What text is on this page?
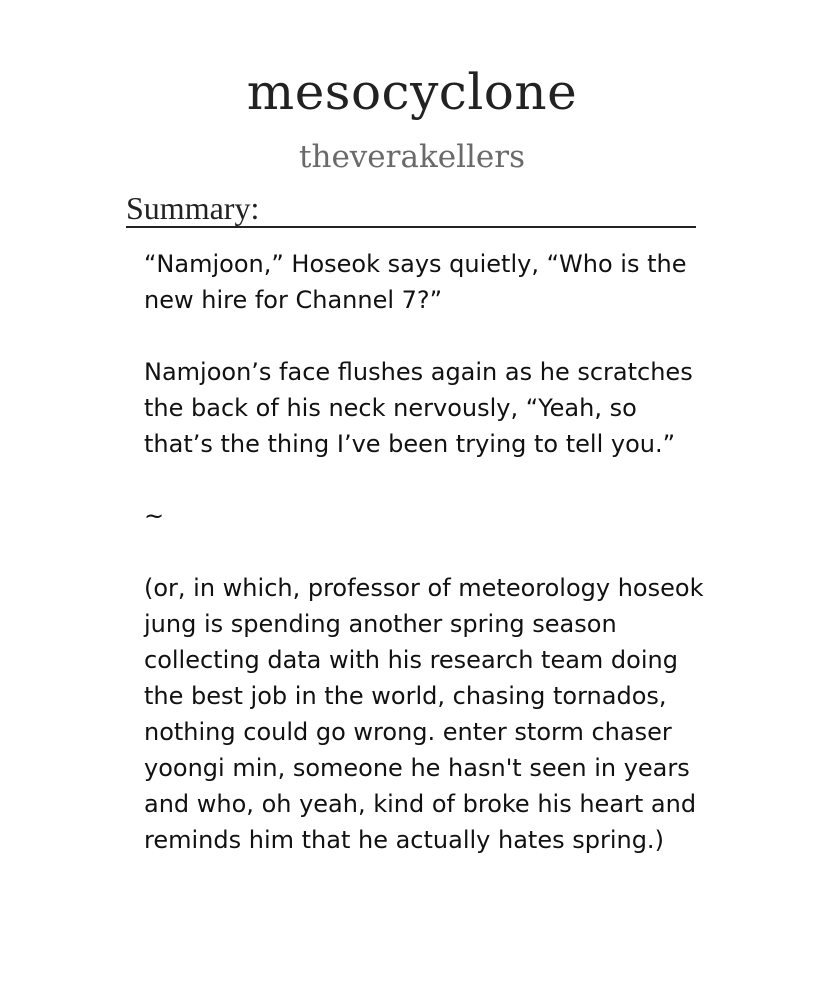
mesocyclone
theverakellers
Summary:

“Namjoon,” Hoseok says quietly, “Who is the new hire for Channel 7?”

Namjoon’s face flushes again as he scratches the back of his neck nervously, “Yeah, so that’s the thing I’ve been trying to tell you.”

~

(or, in which, professor of meteorology hoseok jung is spending another spring season collecting data with his research team doing the best job in the world, chasing tornados, nothing could go wrong. enter storm chaser yoongi min, someone he hasn't seen in years and who, oh yeah, kind of broke his heart and reminds him that he actually hates spring.)
